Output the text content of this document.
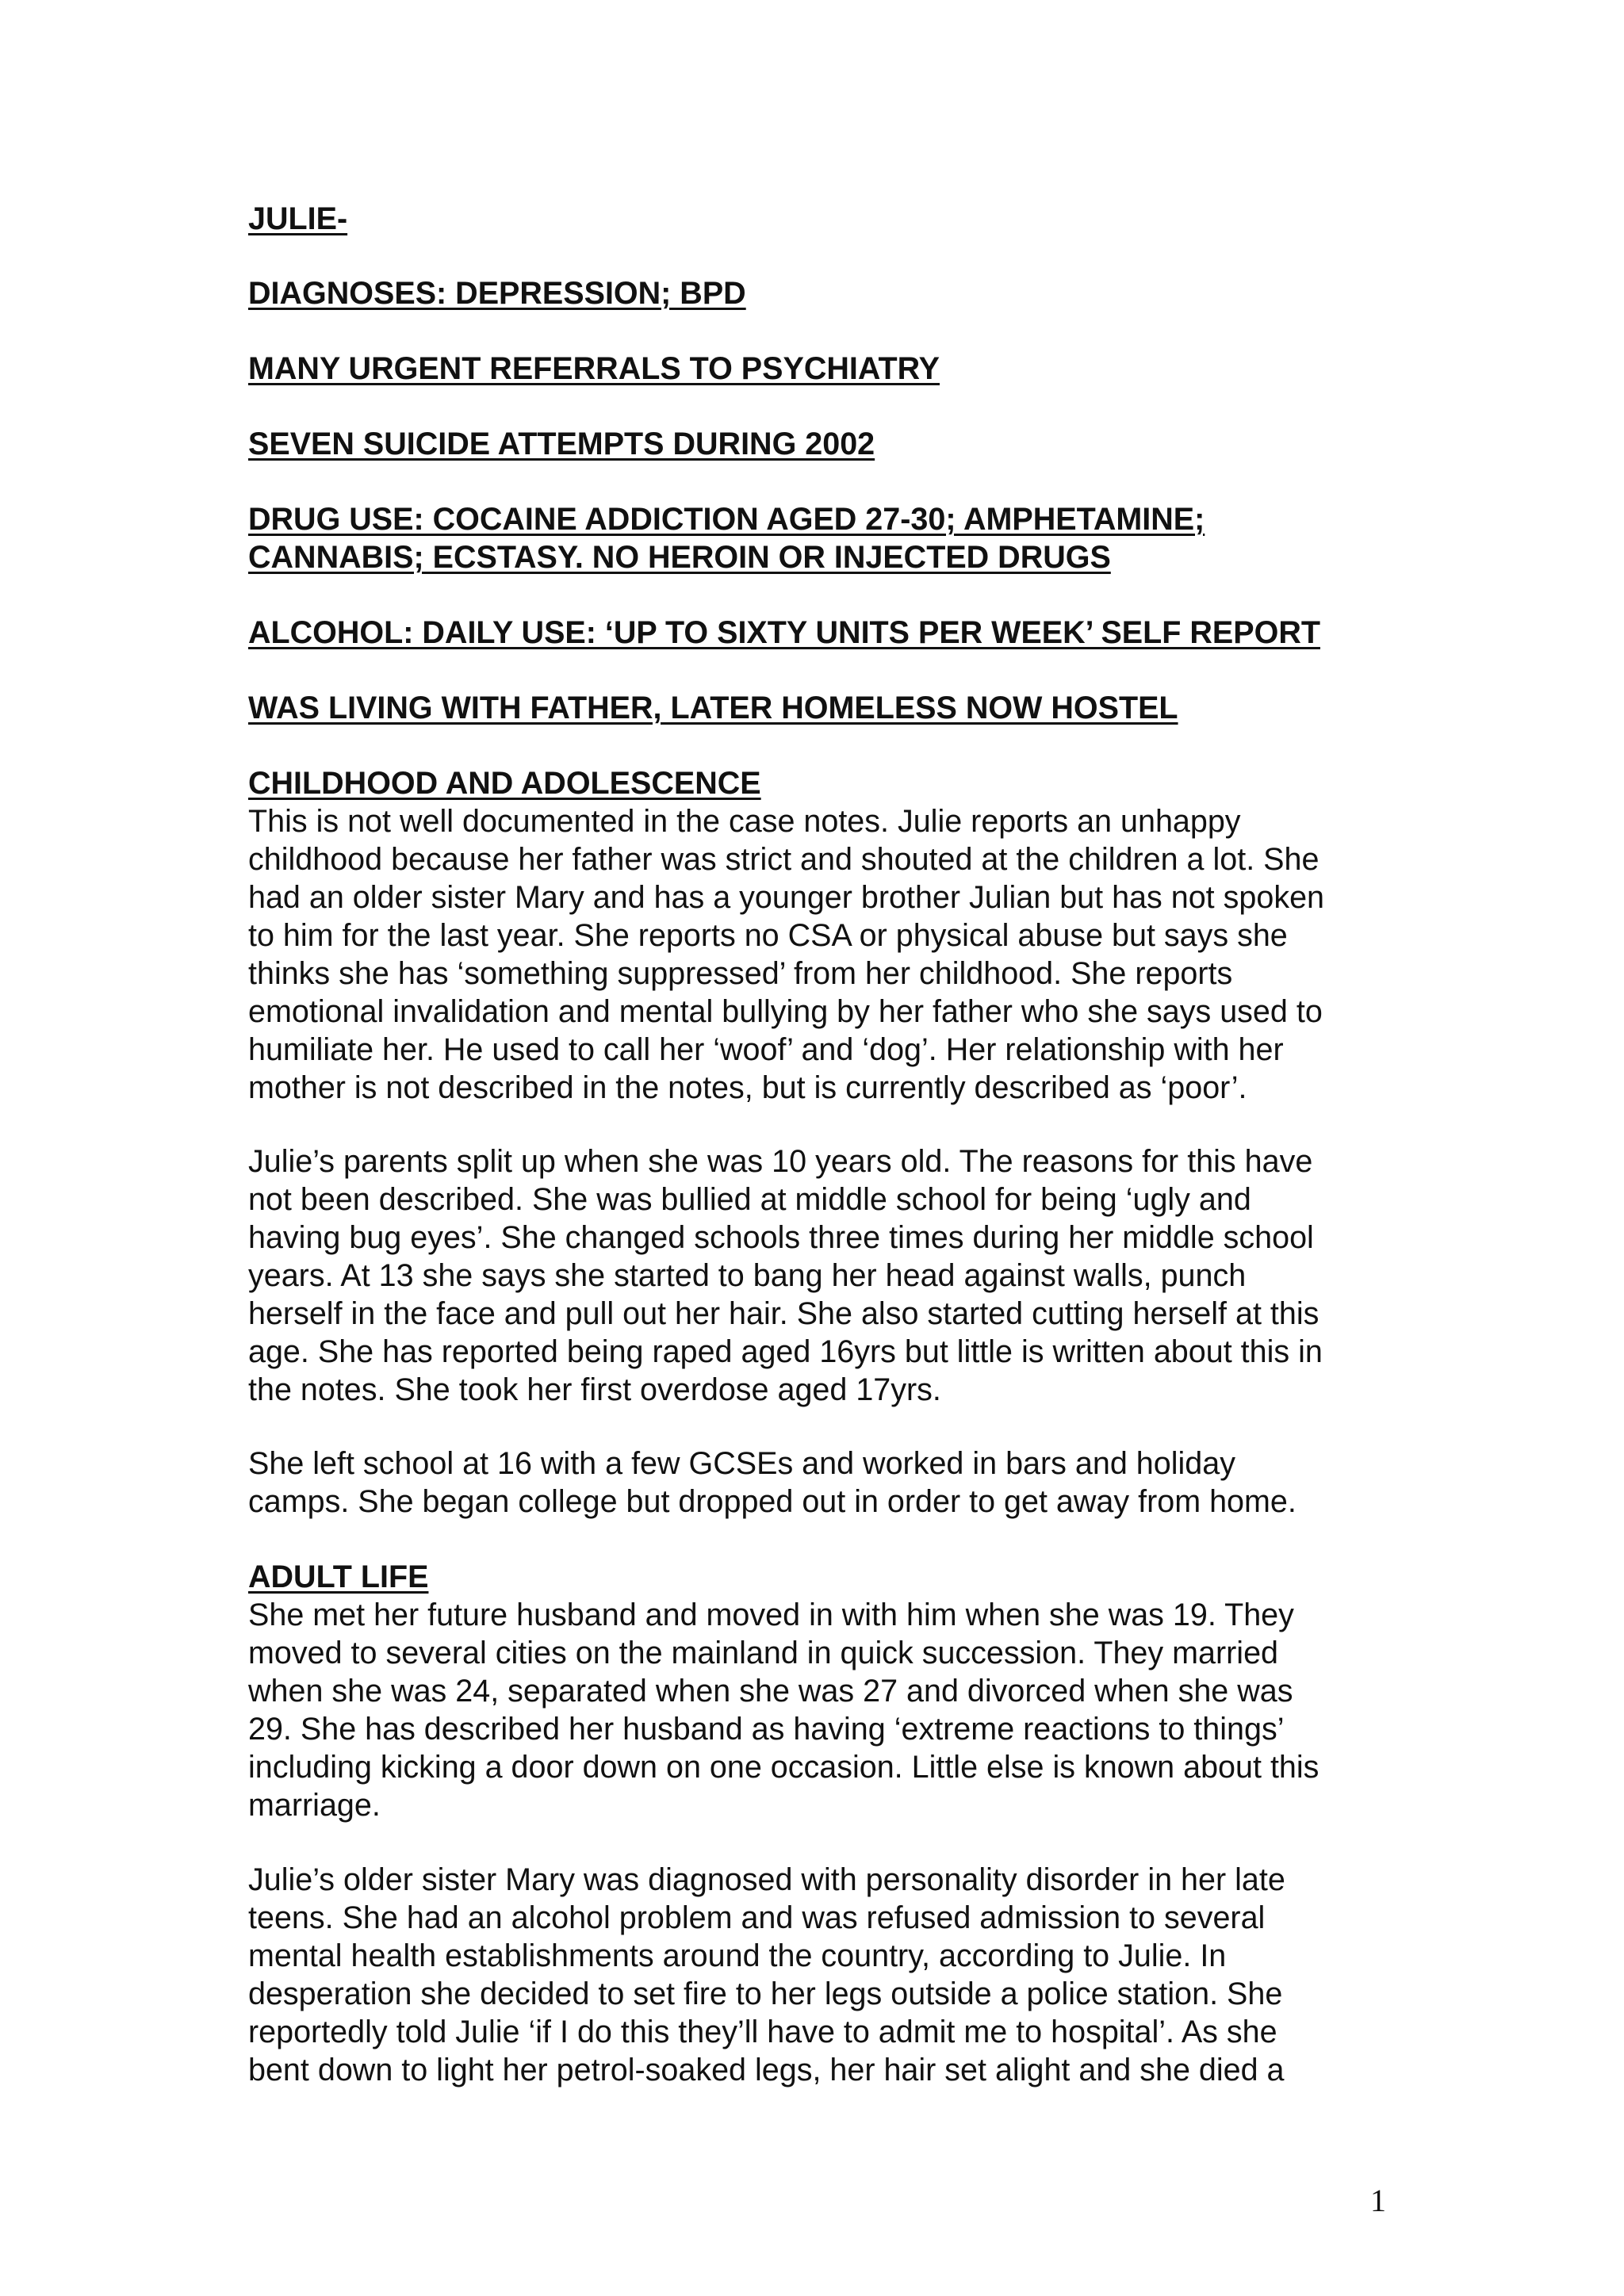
JULIE-
DIAGNOSES: DEPRESSION; BPD
MANY URGENT REFERRALS TO PSYCHIATRY
SEVEN SUICIDE ATTEMPTS DURING 2002
DRUG USE: COCAINE ADDICTION AGED 27-30; AMPHETAMINE;
CANNABIS; ECSTASY. NO HEROIN OR INJECTED DRUGS
ALCOHOL: DAILY USE: ‘UP TO SIXTY UNITS PER WEEK’ SELF REPORT
WAS LIVING WITH FATHER, LATER HOMELESS NOW HOSTEL
CHILDHOOD AND ADOLESCENCE
This is not well documented in the case notes. Julie reports an unhappy
childhood because her father was strict and shouted at the children a lot. She
had an older sister Mary and has a younger brother Julian but has not spoken
to him for the last year. She reports no CSA or physical abuse but says she
thinks she has ‘something suppressed’ from her childhood. She reports
emotional invalidation and mental bullying by her father who she says used to
humiliate her. He used to call her ‘woof’ and ‘dog’. Her relationship with her
mother is not described in the notes, but is currently described as ‘poor’.
Julie’s parents split up when she was 10 years old. The reasons for this have
not been described. She was bullied at middle school for being ‘ugly and
having bug eyes’. She changed schools three times during her middle school
years. At 13 she says she started to bang her head against walls, punch
herself in the face and pull out her hair. She also started cutting herself at this
age. She has reported being raped aged 16yrs but little is written about this in
the notes. She took her first overdose aged 17yrs.
She left school at 16 with a few GCSEs and worked in bars and holiday
camps. She began college but dropped out in order to get away from home.
ADULT LIFE
She met her future husband and moved in with him when she was 19. They
moved to several cities on the mainland in quick succession. They married
when she was 24, separated when she was 27 and divorced when she was
29. She has described her husband as having ‘extreme reactions to things’
including kicking a door down on one occasion. Little else is known about this
marriage.
Julie’s older sister Mary was diagnosed with personality disorder in her late
teens. She had an alcohol problem and was refused admission to several
mental health establishments around the country, according to Julie. In
desperation she decided to set fire to her legs outside a police station. She
reportedly told Julie ‘if I do this they’ll have to admit me to hospital’. As she
bent down to light her petrol-soaked legs, her hair set alight and she died a
1
